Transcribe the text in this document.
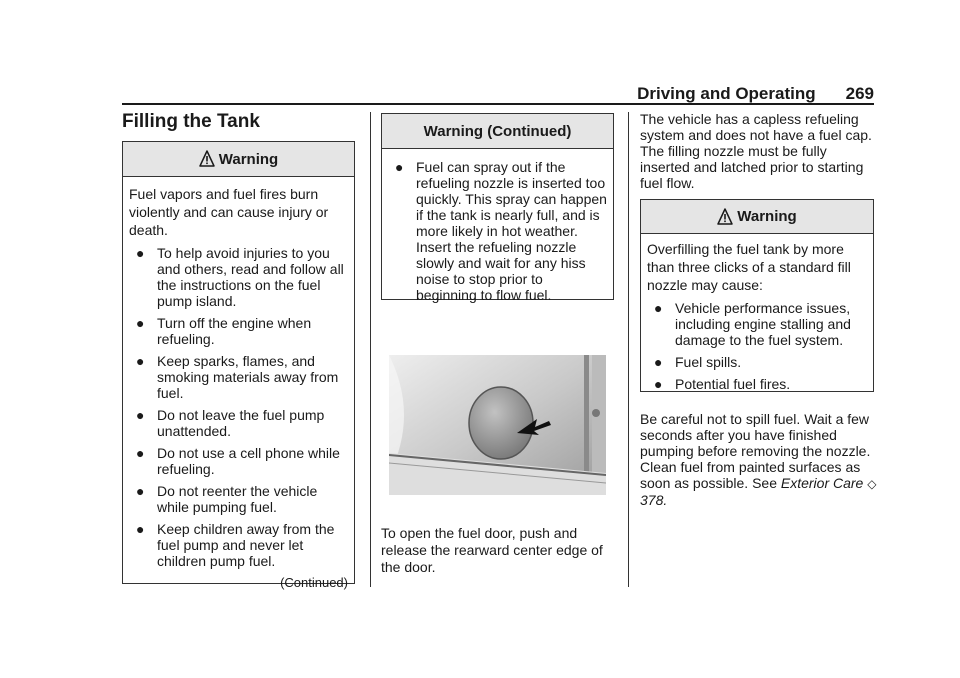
Driving and Operating 269
Filling the Tank
Warning
Fuel vapors and fuel fires burn violently and can cause injury or death.
● To help avoid injuries to you and others, read and follow all the instructions on the fuel pump island.
● Turn off the engine when refueling.
● Keep sparks, flames, and smoking materials away from fuel.
● Do not leave the fuel pump unattended.
● Do not use a cell phone while refueling.
● Do not reenter the vehicle while pumping fuel.
● Keep children away from the fuel pump and never let children pump fuel.
(Continued)
Warning (Continued)
● Fuel can spray out if the refueling nozzle is inserted too quickly. This spray can happen if the tank is nearly full, and is more likely in hot weather. Insert the refueling nozzle slowly and wait for any hiss noise to stop prior to beginning to flow fuel.
To open the fuel door, push and release the rearward center edge of the door.
The vehicle has a capless refueling system and does not have a fuel cap. The filling nozzle must be fully inserted and latched prior to starting fuel flow.
Warning
Overfilling the fuel tank by more than three clicks of a standard fill nozzle may cause:
● Vehicle performance issues, including engine stalling and damage to the fuel system.
● Fuel spills.
● Potential fuel fires.
Be careful not to spill fuel. Wait a few seconds after you have finished pumping before removing the nozzle. Clean fuel from painted surfaces as soon as possible. See Exterior Care ◇ 378.
